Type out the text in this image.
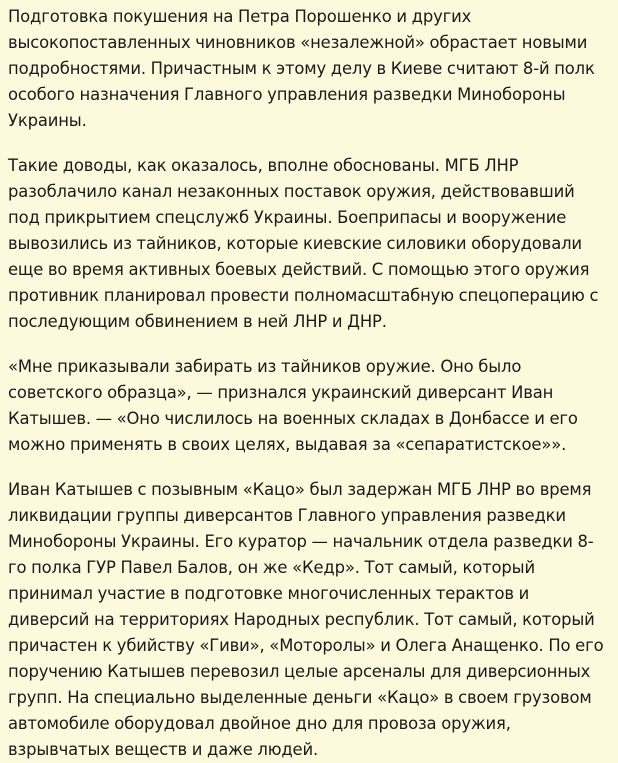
Подготовка покушения на Петра Порошенко и других высокопоставленных чиновников «незалежной» обрастает новыми подробностями. Причастным к этому делу в Киеве считают 8-й полк особого назначения Главного управления разведки Минобороны Украины.

Такие доводы, как оказалось, вполне обоснованы. МГБ ЛНР разоблачило канал незаконных поставок оружия, действовавший под прикрытием спецслужб Украины. Боеприпасы и вооружение вывозились из тайников, которые киевские силовики оборудовали еще во время активных боевых действий. С помощью этого оружия противник планировал провести полномасштабную спецоперацию с последующим обвинением в ней ЛНР и ДНР.

«Мне приказывали забирать из тайников оружие. Оно было советского образца», — признался украинский диверсант Иван Катышев. — «Оно числилось на военных складах в Донбассе и его можно применять в своих целях, выдавая за «сепаратистское»».

Иван Катышев с позывным «Кацо» был задержан МГБ ЛНР во время ликвидации группы диверсантов Главного управления разведки Минобороны Украины. Его куратор — начальник отдела разведки 8-го полка ГУР Павел Балов, он же «Кедр». Тот самый, который принимал участие в подготовке многочисленных терактов и диверсий на территориях Народных республик. Тот самый, который причастен к убийству «Гиви», «Моторолы» и Олега Анащенко. По его поручению Катышев перевозил целые арсеналы для диверсионных групп. На специально выделенные деньги «Кацо» в своем грузовом автомобиле оборудовал двойное дно для провоза оружия, взрывчатых веществ и даже людей.
